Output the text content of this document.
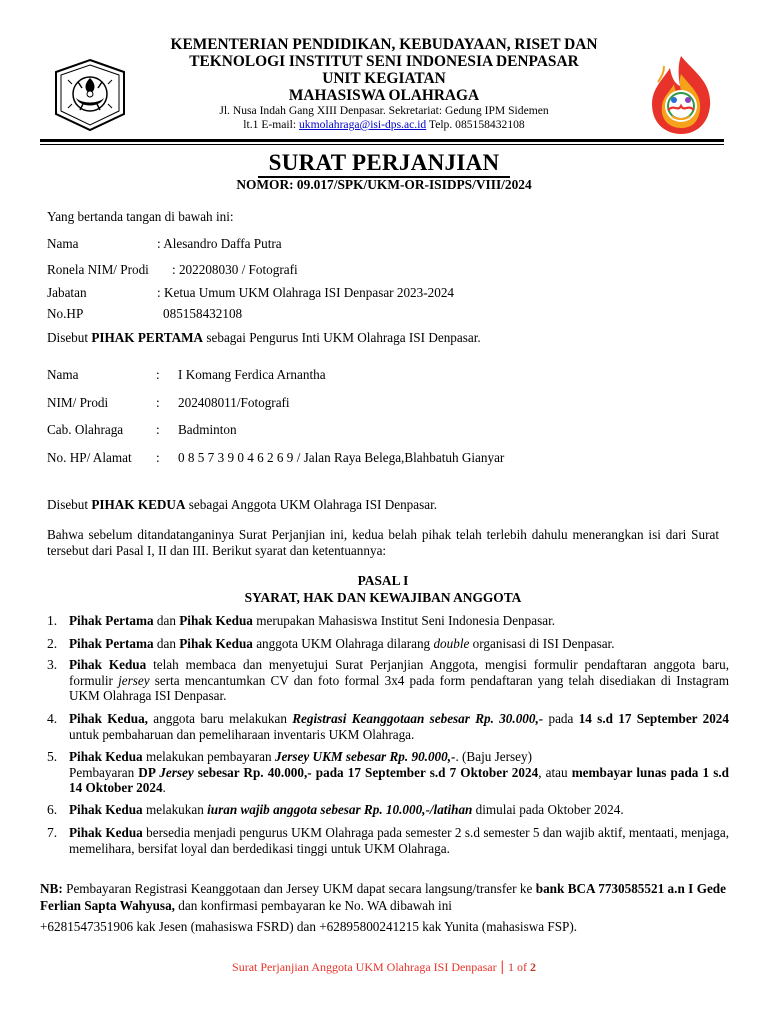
KEMENTERIAN PENDIDIKAN, KEBUDAYAAN, RISET DAN
TEKNOLOGI INSTITUT SENI INDONESIA DENPASAR
UNIT KEGIATAN
MAHASISWA OLAHRAGA
Jl. Nusa Indah Gang XIII Denpasar. Sekretariat: Gedung IPM Sidemen
lt.1 E-mail: ukmolahraga@isi-dps.ac.id Telp. 085158432108
SURAT PERJANJIAN
NOMOR: 09.017/SPK/UKM-OR-ISIDPS/VIII/2024
Yang bertanda tangan di bawah ini:
Nama	: Alesandro Daffa Putra
Ronela NIM/ Prodi : 202208030 / Fotografi
Jabatan	: Ketua Umum UKM Olahraga ISI Denpasar 2023-2024
No.HP	085158432108
Disebut PIHAK PERTAMA sebagai Pengurus Inti UKM Olahraga ISI Denpasar.
Nama	: I Komang Ferdica Arnantha
NIM/ Prodi	: 202408011/Fotografi
Cab. Olahraga : Badminton
No. HP/ Alamat : 0 8 5 7 3 9 0 4 6 2 6 9 / Jalan Raya Belega,Blahbatuh Gianyar
Disebut PIHAK KEDUA sebagai Anggota UKM Olahraga ISI Denpasar.
Bahwa sebelum ditandatanganinya Surat Perjanjian ini, kedua belah pihak telah terlebih dahulu menerangkan isi dari Surat tersebut dari Pasal I, II dan III. Berikut syarat dan ketentuannya:
PASAL I
SYARAT, HAK DAN KEWAJIBAN ANGGOTA
1. Pihak Pertama dan Pihak Kedua merupakan Mahasiswa Institut Seni Indonesia Denpasar.
2. Pihak Pertama dan Pihak Kedua anggota UKM Olahraga dilarang double organisasi di ISI Denpasar.
3. Pihak Kedua telah membaca dan menyetujui Surat Perjanjian Anggota, mengisi formulir pendaftaran anggota baru, formulir jersey serta mencantumkan CV dan foto formal 3x4 pada form pendaftaran yang telah disediakan di Instagram UKM Olahraga ISI Denpasar.
4. Pihak Kedua, anggota baru melakukan Registrasi Keanggotaan sebesar Rp. 30.000,- pada 14 s.d 17 September 2024 untuk pembaharuan dan pemeliharaan inventaris UKM Olahraga.
5. Pihak Kedua melakukan pembayaran Jersey UKM sebesar Rp. 90.000,-. (Baju Jersey)
Pembayaran DP Jersey sebesar Rp. 40.000,- pada 17 September s.d 7 Oktober 2024, atau membayar lunas pada 1 s.d 14 Oktober 2024.
6. Pihak Kedua melakukan iuran wajib anggota sebesar Rp. 10.000,-/latihan dimulai pada Oktober 2024.
7. Pihak Kedua bersedia menjadi pengurus UKM Olahraga pada semester 2 s.d semester 5 dan wajib aktif, mentaati, menjaga, memelihara, bersifat loyal dan berdedikasi tinggi untuk UKM Olahraga.
NB: Pembayaran Registrasi Keanggotaan dan Jersey UKM dapat secara langsung/transfer ke bank BCA 7730585521 a.n I Gede Ferlian Sapta Wahyusa, dan konfirmasi pembayaran ke No. WA dibawah ini
+6281547351906 kak Jesen (mahasiswa FSRD) dan +62895800241215 kak Yunita (mahasiswa FSP).
Surat Perjanjian Anggota UKM Olahraga ISI Denpasar | 1 of 2
